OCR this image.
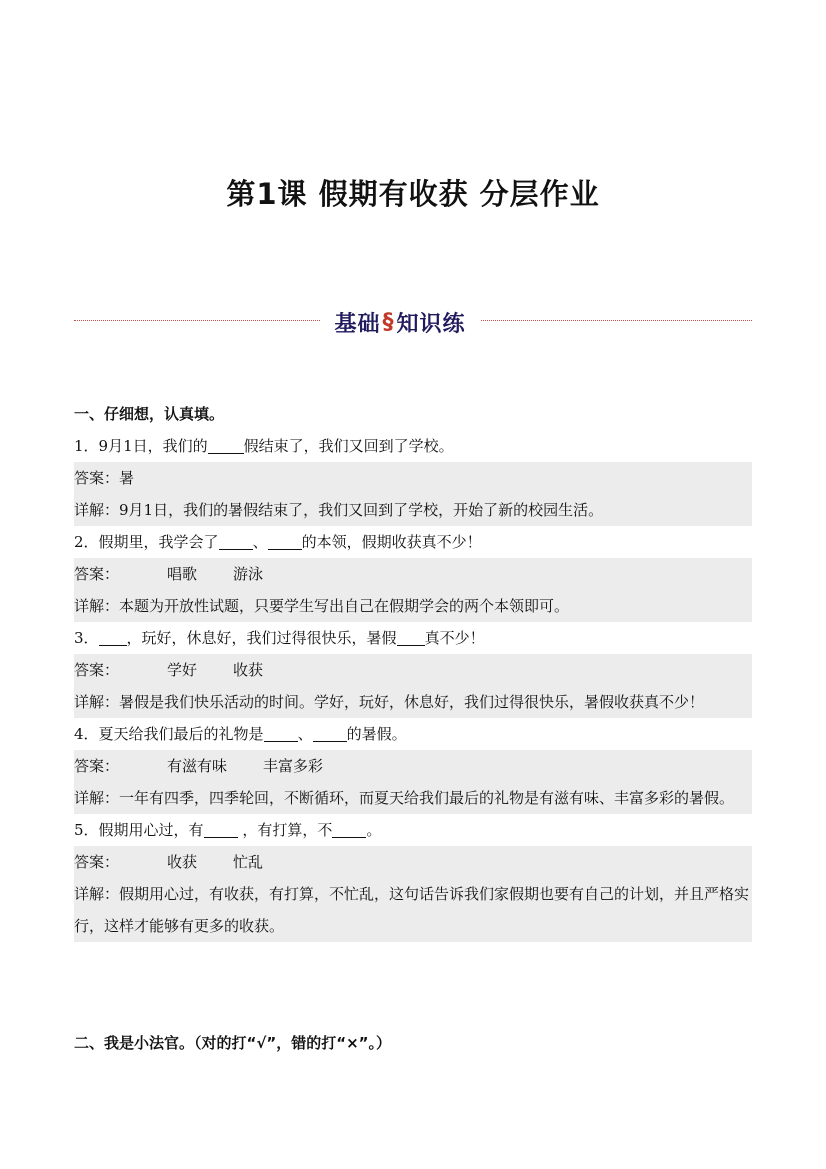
第1课 假期有收获 分层作业
基础 § 知识练
一、仔细想，认真填。
1．9月1日，我们的 假结束了，我们又回到了学校。
答案：暑
详解：9月1日，我们的暑假结束了，我们又回到了学校，开始了新的校园生活。
2．假期里，我学会了 、 的本领，假期收获真不少！
答案：	唱歌 游泳
详解：本题为开放性试题，只要学生写出自己在假期学会的两个本领即可。
3． ，玩好，休息好，我们过得很快乐，暑假 真不少！
答案：	学好 收获
详解：暑假是我们快乐活动的时间。学好，玩好，休息好，我们过得很快乐，暑假收获真不少！
4．夏天给我们最后的礼物是 、 的暑假。
答案：	有滋有味 丰富多彩
详解：一年有四季，四季轮回，不断循环，而夏天给我们最后的礼物是有滋有味、丰富多彩的暑假。
5．假期用心过，有 ，有打算，不 。
答案：	收获 忙乱
详解：假期用心过，有收获，有打算，不忙乱，这句话告诉我们家假期也要有自己的计划，并且严格实行，这样才能够有更多的收获。
二、我是小法官。（对的打“√”，错的打“×”。）
